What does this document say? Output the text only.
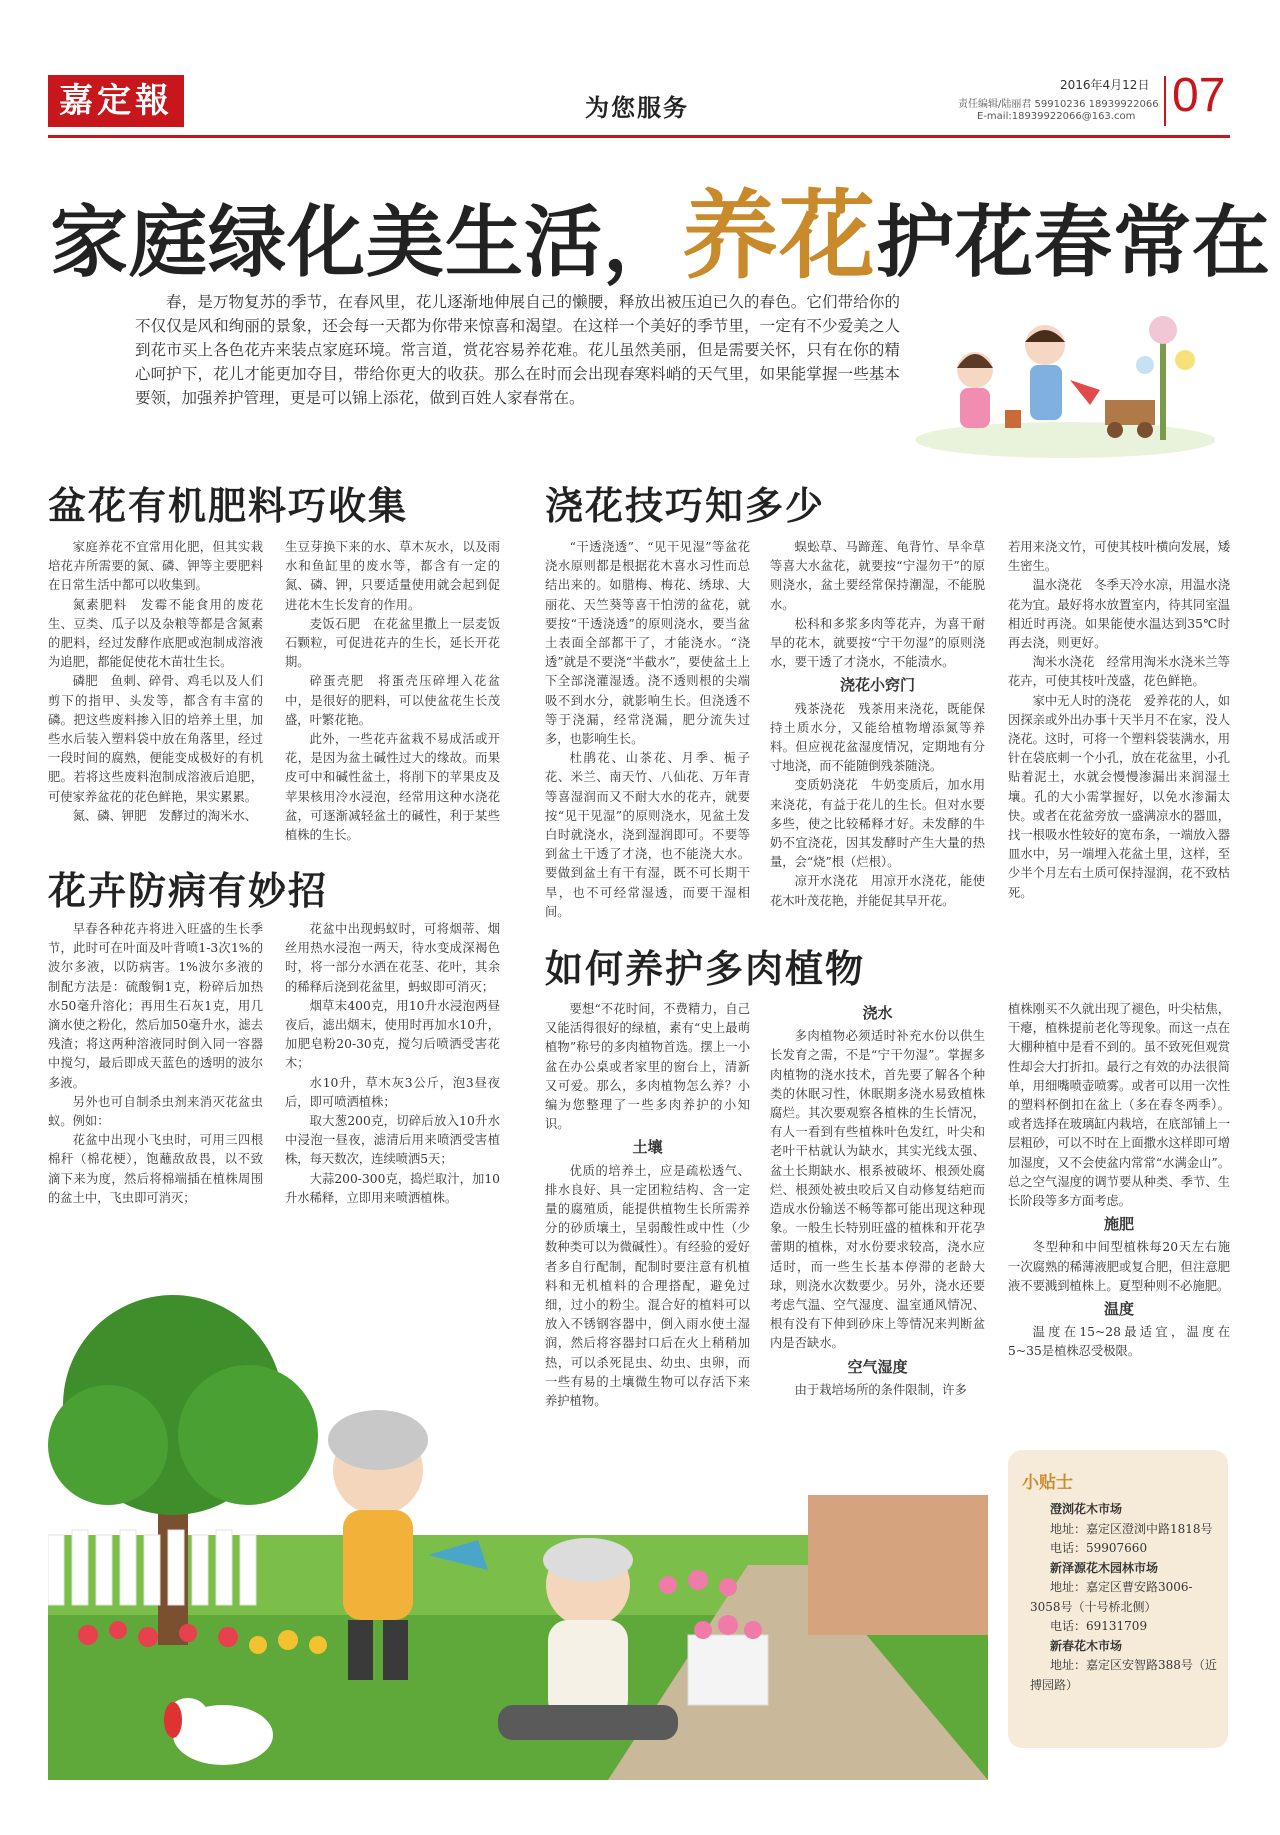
嘉定報	为您服务
2016年4月12日
责任编辑/陆丽君 59910236 18939922066
E-mail:18939922066@163.com 07
家庭绿化美生活，养花护花春常在
春，是万物复苏的季节，在春风里，花儿逐渐地伸展自己的懒腰，释放出被压迫已久的春色。它们带给你的不仅仅是风和绚丽的景象，还会每一天都为你带来惊喜和渴望。在这样一个美好的季节里，一定有不少爱美之人到花市买上各色花卉来装点家庭环境。常言道，赏花容易养花难。花儿虽然美丽，但是需要关怀，只有在你的精心呵护下，花儿才能更加夺目，带给你更大的收获。那么在时而会出现春寒料峭的天气里，如果能掌握一些基本要领，加强养护管理，更是可以锦上添花，做到百姓人家春常在。
盆花有机肥料巧收集

家庭养花不宜常用化肥，但其实栽培花卉所需要的氮、磷、钾等主要肥料在日常生活中都可以收集到。

氮素肥料　发霉不能食用的废花生、豆类、瓜子以及杂粮等都是含氮素的肥料，经过发酵作底肥或泡制成溶液为追肥，都能促使花木苗壮生长。

磷肥　鱼刺、碎骨、鸡毛以及人们剪下的指甲、头发等，都含有丰富的磷。把这些废料掺入旧的培养土里，加些水后装入塑料袋中放在角落里，经过一段时间的腐熟，便能变成极好的有机肥。若将这些废料泡制成溶液后追肥，可使家养盆花的花色鲜艳，果实累累。

氮、磷、钾肥　发酵过的淘米水、

生豆芽换下来的水、草木灰水，以及雨水和鱼缸里的废水等，都含有一定的氮、磷、钾，只要适量使用就会起到促进花木生长发育的作用。

麦饭石肥　在花盆里撒上一层麦饭石颗粒，可促进花卉的生长，延长开花期。

碎蛋壳肥　将蛋壳压碎埋入花盆中，是很好的肥料，可以使盆花生长茂盛，叶繁花艳。

此外，一些花卉盆栽不易成活或开花，是因为盆土碱性过大的缘故。而果皮可中和碱性盆土，将削下的苹果皮及苹果核用冷水浸泡，经常用这种水浇花盆，可逐渐减轻盆土的碱性，利于某些植株的生长。

花卉防病有妙招

早春各种花卉将进入旺盛的生长季节，此时可在叶面及叶背喷1-3次1%的波尔多液，以防病害。1%波尔多液的制配方法是：硫酸铜1克，粉碎后加热水50毫升溶化；再用生石灰1克，用几滴水使之粉化，然后加50毫升水，滤去残渣；将这两种溶液同时倒入同一容器中搅匀，最后即成天蓝色的透明的波尔多液。

另外也可自制杀虫剂来消灭花盆虫蚁。例如：

花盆中出现小飞虫时，可用三四根棉秆（棉花梗），饱蘸敌敌畏，以不致滴下来为度，然后将棉端插在植株周围的盆土中，飞虫即可消灭；

花盆中出现蚂蚁时，可将烟蒂、烟丝用热水浸泡一两天，待水变成深褐色时，将一部分水洒在花茎、花叶，其余的稀释后浇到花盆里，蚂蚁即可消灭；

烟草末400克，用10升水浸泡两昼夜后，滤出烟末，使用时再加水10升，加肥皂粉20-30克，搅匀后喷洒受害花木；

水10升，草木灰3公斤，泡3昼夜后，即可喷洒植株；

取大葱200克，切碎后放入10升水中浸泡一昼夜，滤清后用来喷洒受害植株，每天数次，连续喷洒5天；

大蒜200-300克，捣烂取汁，加10升水稀释，立即用来喷洒植株。

浇花技巧知多少

“干透浇透”、“见干见湿”等盆花浇水原则都是根据花木喜水习性而总结出来的。如腊梅、梅花、绣球、大丽花、天竺葵等喜干怕涝的盆花，就要按“干透浇透”的原则浇水，要当盆土表面全部都干了，才能浇水。“浇透”就是不要浇“半截水”，要使盆土上下全部浇灌湿透。浇不透则根的尖端吸不到水分，就影响生长。但浇透不等于浇漏，经常浇漏，肥分流失过多，也影响生长。

杜鹃花、山茶花、月季、栀子花、米兰、南天竹、八仙花、万年青等喜湿润而又不耐大水的花卉，就要按“见干见湿”的原则浇水，见盆土发白时就浇水，浇到湿润即可。不要等到盆土干透了才浇，也不能浇大水。要做到盆土有干有湿，既不可长期干旱，也不可经常湿透，而要干湿相间。

蜈蚣草、马蹄莲、龟背竹、旱伞草等喜大水盆花，就要按“宁湿勿干”的原则浇水，盆土要经常保持潮湿，不能脱水。

松科和多浆多肉等花卉，为喜干耐旱的花木，就要按“宁干勿湿”的原则浇水，要干透了才浇水，不能渍水。

浇花小窍门

残茶浇花　残茶用来浇花，既能保持土质水分，又能给植物增添氮等养料。但应视花盆湿度情况，定期地有分寸地浇，而不能随倒残茶随浇。

变质奶浇花　牛奶变质后，加水用来浇花，有益于花儿的生长。但对水要多些，使之比较稀释才好。未发酵的牛奶不宜浇花，因其发酵时产生大量的热量，会“烧”根（烂根）。

凉开水浇花　用凉开水浇花，能使花木叶茂花艳，并能促其早开花。

若用来浇文竹，可使其枝叶横向发展，矮生密生。

温水浇花　冬季天冷水凉，用温水浇花为宜。最好将水放置室内，待其同室温相近时再浇。如果能使水温达到35℃时再去浇，则更好。

淘米水浇花　经常用淘米水浇米兰等花卉，可使其枝叶茂盛，花色鲜艳。

家中无人时的浇花　爱养花的人，如因探亲或外出办事十天半月不在家，没人浇花。这时，可将一个塑料袋装满水，用针在袋底刺一个小孔，放在花盆里，小孔贴着泥土，水就会慢慢渗漏出来润湿土壤。孔的大小需掌握好，以免水渗漏太快。或者在花盆旁放一盛满凉水的器皿，找一根吸水性较好的宽布条，一端放入器皿水中，另一端埋入花盆土里，这样，至少半个月左右土质可保持湿润，花不致枯死。

如何养护多肉植物

要想“不花时间，不费精力，自己又能活得很好的绿植，素有“史上最萌植物”称号的多肉植物首选。摆上一小盆在办公桌或者家里的窗台上，清新又可爱。那么，多肉植物怎么养？小编为您整理了一些多肉养护的小知识。

土壤

优质的培养土，应是疏松透气、排水良好、具一定团粒结构、含一定量的腐殖质，能提供植物生长所需养分的砂质壤土，呈弱酸性或中性（少数种类可以为微碱性）。有经验的爱好者多自行配制，配制时要注意有机植料和无机植料的合理搭配，避免过细，过小的粉尘。混合好的植料可以放入不锈钢容器中，倒入雨水使土湿润，然后将容器封口后在火上稍稍加热，可以杀死昆虫、幼虫、虫卵，而一些有易的土壤微生物可以存活下来养护植物。

浇水

多肉植物必须适时补充水份以供生长发育之需，不是“宁干勿湿”。掌握多肉植物的浇水技术，首先要了解各个种类的休眠习性，休眠期多浇水易致植株腐烂。其次要观察各植株的生长情况，有人一看到有些植株叶色发红，叶尖和老叶干枯就认为缺水，其实光线太强、盆土长期缺水、根系被破坏、根颈处腐烂、根颈处被虫咬后又自动修复结疤而造成水份输送不畅等都可能出现这种现象。一般生长特别旺盛的植株和开花孕蕾期的植株，对水份要求较高，浇水应适时，而一些生长基本停滞的老龄大球，则浇水次数要少。另外，浇水还要考虑气温、空气湿度、温室通风情况、根有没有下伸到砂床上等情况来判断盆内是否缺水。

空气湿度

由于栽培场所的条件限制，许多

植株刚买不久就出现了褪色，叶尖枯焦，干瘪，植株提前老化等现象。而这一点在大棚种植中是看不到的。虽不致死但观赏性却会大打折扣。最行之有效的办法很简单，用细嘴喷壶喷雾。或者可以用一次性的塑料杯倒扣在盆上（多在春冬两季）。或者选择在玻璃缸内栽培，在底部铺上一层粗砂，可以不时在上面撒水这样即可增加湿度，又不会使盆内常常“水满金山”。总之空气湿度的调节要从种类、季节、生长阶段等多方面考虑。

施肥

冬型种和中间型植株每20天左右施一次腐熟的稀薄液肥或复合肥，但注意肥液不要溅到植株上。夏型种则不必施肥。

温度

温度在15~28最适宜，温度在5~35是植株忍受极限。

小贴士
澄浏花木市场
地址：嘉定区澄浏中路1818号
电话：59907660
新泽源花木园林市场
地址：嘉定区曹安路3006-3058号（十号桥北侧）
电话：69131709
新春花木市场
地址：嘉定区安智路388号（近搏园路）
